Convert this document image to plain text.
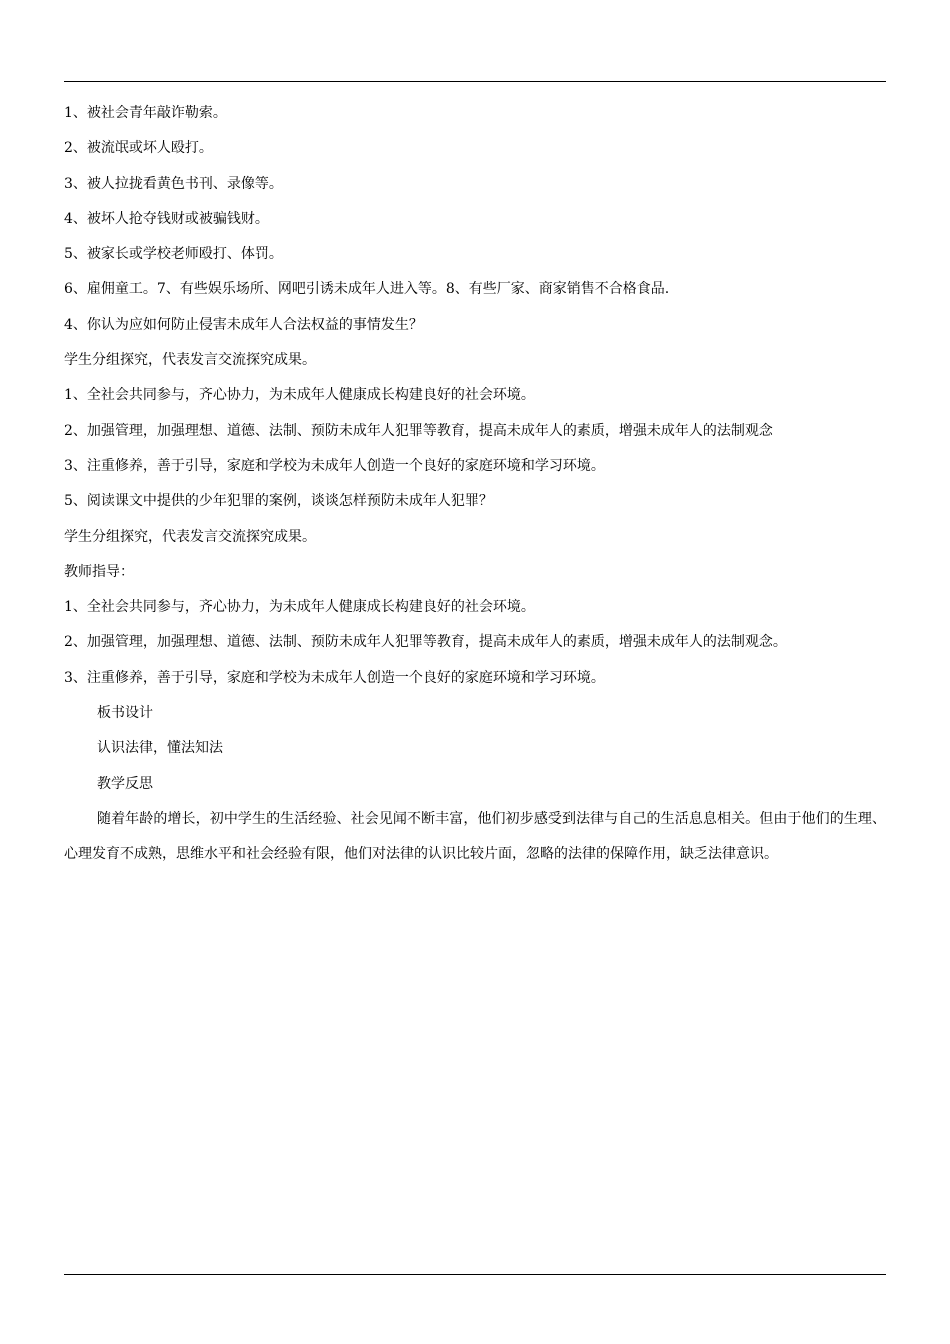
1、被社会青年敲诈勒索。
2、被流氓或坏人殴打。
3、被人拉拢看黄色书刊、录像等。
4、被坏人抢夺钱财或被骗钱财。
5、被家长或学校老师殴打、体罚。
6、雇佣童工。7、有些娱乐场所、网吧引诱未成年人进入等。8、有些厂家、商家销售不合格食品.
4、你认为应如何防止侵害未成年人合法权益的事情发生？
学生分组探究，代表发言交流探究成果。
1、全社会共同参与，齐心协力，为未成年人健康成长构建良好的社会环境。
2、加强管理，加强理想、道德、法制、预防未成年人犯罪等教育，提高未成年人的素质，增强未成年人的法制观念
3、注重修养，善于引导，家庭和学校为未成年人创造一个良好的家庭环境和学习环境。
5、阅读课文中提供的少年犯罪的案例，谈谈怎样预防未成年人犯罪？
学生分组探究，代表发言交流探究成果。
教师指导：
1、全社会共同参与，齐心协力，为未成年人健康成长构建良好的社会环境。
2、加强管理，加强理想、道德、法制、预防未成年人犯罪等教育，提高未成年人的素质，增强未成年人的法制观念。
3、注重修养，善于引导，家庭和学校为未成年人创造一个良好的家庭环境和学习环境。
板书设计
认识法律，懂法知法
教学反思

随着年龄的增长，初中学生的生活经验、社会见闻不断丰富，他们初步感受到法律与自己的生活息息相关。但由于他们的生理、心理发育不成熟，思维水平和社会经验有限，他们对法律的认识比较片面，忽略的法律的保障作用，缺乏法律意识。
